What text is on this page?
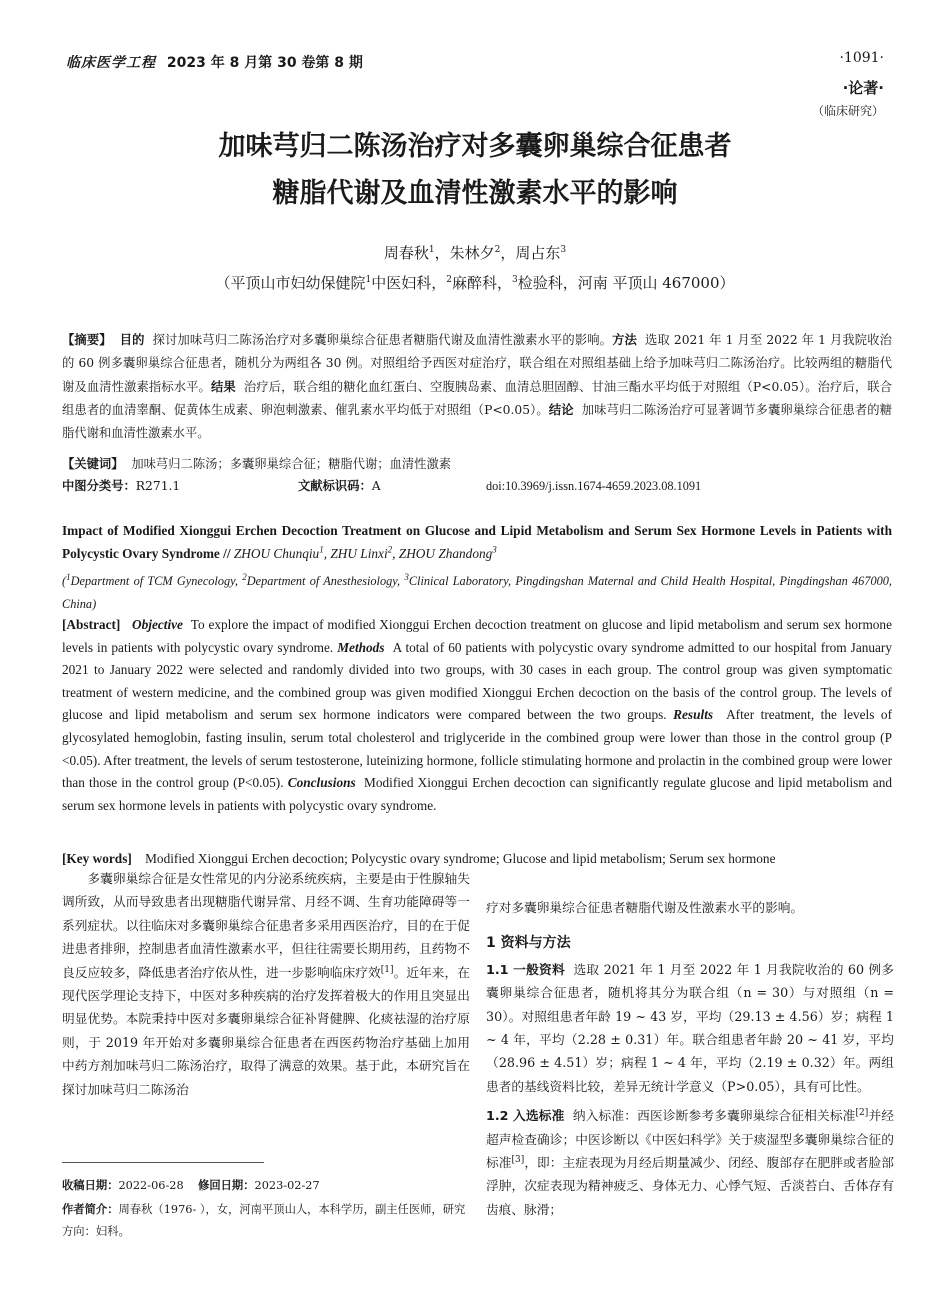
临床医学工程 2023 年 8 月第 30 卷第 8 期	·1091·
·论著·
（临床研究）
加味芎归二陈汤治疗对多囊卵巢综合征患者
糖脂代谢及血清性激素水平的影响
周春秋$^1$，朱林夕$^2$，周占东$^3$
（平顶山市妇幼保健院$^1$中医妇科，$^2$麻醉科，$^3$检验科，河南 平顶山 467000）
【摘要】 目的 探讨加味芎归二陈汤治疗对多囊卵巢综合征患者糖脂代谢及血清性激素水平的影响。方法 选取 2021 年 1 月至 2022 年 1 月我院收治的 60 例多囊卵巢综合征患者，随机分为两组各 30 例。对照组给予西医对症治疗，联合组在对照组基础上给予加味芎归二陈汤治疗。比较两组的糖脂代谢及血清性激素指标水平。结果 治疗后，联合组的糖化血红蛋白、空腹胰岛素、血清总胆固醇、甘油三酯水平均低于对照组（P<0.05）。治疗后，联合组患者的血清睾酮、促黄体生成素、卵泡刺激素、催乳素水平均低于对照组（P<0.05）。结论 加味芎归二陈汤治疗可显著调节多囊卵巢综合征患者的糖脂代谢和血清性激素水平。
【关键词】 加味芎归二陈汤；多囊卵巢综合征；糖脂代谢；血清性激素
中图分类号：R271.1	文献标识码：A	doi:10.3969/j.issn.1674-4659.2023.08.1091
Impact of Modified Xionggui Erchen Decoction Treatment on Glucose and Lipid Metabolism and Serum Sex Hormone Levels in Patients with Polycystic Ovary Syndrome // ZHOU Chunqiu$^1$, ZHU Linxi$^2$, ZHOU Zhandong$^3$
($^1$Department of TCM Gynecology, $^2$Department of Anesthesiology, $^3$Clinical Laboratory, Pingdingshan Maternal and Child Health Hospital, Pingdingshan 467000, China)
[Abstract] Objective To explore the impact of modified Xionggui Erchen decoction treatment on glucose and lipid metabolism and serum sex hormone levels in patients with polycystic ovary syndrome. Methods A total of 60 patients with polycystic ovary syndrome admitted to our hospital from January 2021 to January 2022 were selected and randomly divided into two groups, with 30 cases in each group. The control group was given symptomatic treatment of western medicine, and the combined group was given modified Xionggui Erchen decoction on the basis of the control group. The levels of glucose and lipid metabolism and serum sex hormone indicators were compared between the two groups. Results After treatment, the levels of glycosylated hemoglobin, fasting insulin, serum total cholesterol and triglyceride in the combined group were lower than those in the control group (P <0.05). After treatment, the levels of serum testosterone, luteinizing hormone, follicle stimulating hormone and prolactin in the combined group were lower than those in the control group (P<0.05). Conclusions Modified Xionggui Erchen decoction can significantly regulate glucose and lipid metabolism and serum sex hormone levels in patients with polycystic ovary syndrome.
[Key words] Modified Xionggui Erchen decoction; Polycystic ovary syndrome; Glucose and lipid metabolism; Serum sex hormone

多囊卵巢综合征是女性常见的内分泌系统疾病，主要是由于性腺轴失调所致，从而导致患者出现糖脂代谢异常、月经不调、生育功能障碍等一系列症状。以往临床对多囊卵巢综合征患者多采用西医治疗，目的在于促进患者排卵，控制患者血清性激素水平，但往往需要长期用药，且药物不良反应较多，降低患者治疗依从性，进一步影响临床疗效[1]。近年来，在现代医学理论支持下，中医对多种疾病的治疗发挥着极大的作用且突显出明显优势。本院秉持中医对多囊卵巢综合征补肾健脾、化痰祛湿的治疗原则，于 2019 年开始对多囊卵巢综合征患者在西医药物治疗基础上加用中药方剂加味芎归二陈汤治疗，取得了满意的效果。基于此，本研究旨在探讨加味芎归二陈汤治

疗对多囊卵巢综合征患者糖脂代谢及性激素水平的影响。

1 资料与方法

1.1 一般资料 选取 2021 年 1 月至 2022 年 1 月我院收治的 60 例多囊卵巢综合征患者，随机将其分为联合组（n = 30）与对照组（n = 30）。对照组患者年龄 19 ~ 43 岁，平均（29.13 ± 4.56）岁；病程 1 ~ 4 年，平均（2.28 ± 0.31）年。联合组患者年龄 20 ~ 41 岁，平均（28.96 ± 4.51）岁；病程 1 ~ 4 年，平均（2.19 ± 0.32）年。两组患者的基线资料比较，差异无统计学意义（P>0.05），具有可比性。

1.2 入选标准 纳入标准：西医诊断参考多囊卵巢综合征相关标准[2]并经超声检查确诊；中医诊断以《中医妇科学》关于痰湿型多囊卵巢综合征的标准[3]，即：主症表现为月经后期量减少、闭经、腹部存在肥胖或者脸部浮肿，次症表现为精神疲乏、身体无力、心悸气短、舌淡苔白、舌体存有齿痕、脉滑；

收稿日期：2022-06-28 修回日期：2023-02-27
作者简介：周春秋（1976- ），女，河南平顶山人，本科学历，副主任医师，研究方向：妇科。
